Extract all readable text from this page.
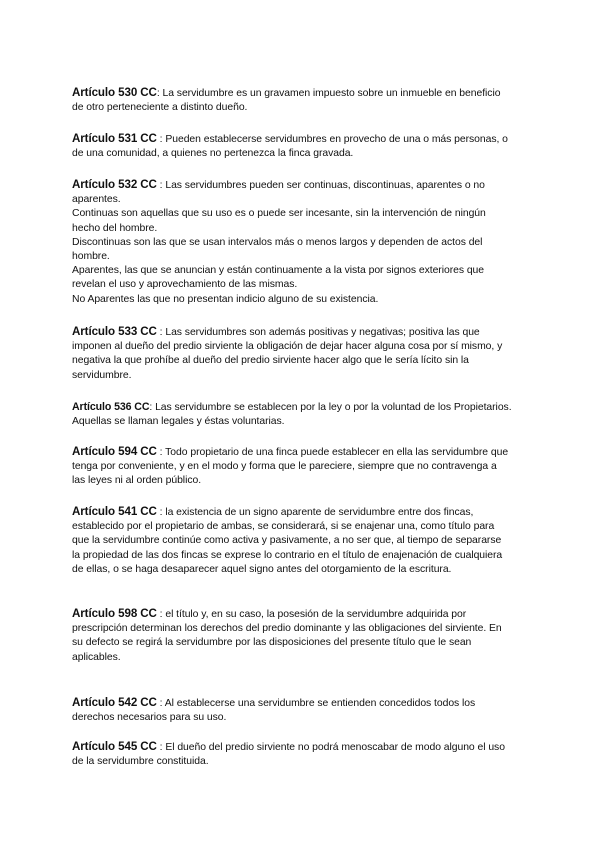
Artículo 530 CC: La servidumbre es un gravamen impuesto sobre un inmueble en beneficio de otro perteneciente a distinto dueño.

Artículo 531 CC : Pueden establecerse servidumbres en provecho de una o más personas, o de una comunidad, a quienes no pertenezca la finca gravada.

Artículo 532 CC : Las servidumbres pueden ser continuas, discontinuas, aparentes o no aparentes.

Continuas son aquellas que su uso es o puede ser incesante, sin la intervención de ningún hecho del hombre.

Discontinuas son las que se usan intervalos más o menos largos y dependen de actos del hombre.

Aparentes, las que se anuncian y están continuamente a la vista por signos exteriores que revelan el uso y aprovechamiento de las mismas.

No Aparentes las que no presentan indicio alguno de su existencia.

Artículo 533 CC : Las servidumbres son además positivas y negativas; positiva las que imponen al dueño del predio sirviente la obligación de dejar hacer alguna cosa por sí mismo, y negativa la que prohíbe al dueño del predio sirviente hacer algo que le sería lícito sin la servidumbre.

Artículo 536 CC: Las servidumbre se establecen por la ley o por la voluntad de los Propietarios. Aquellas se llaman legales y éstas voluntarias.

Artículo 594 CC : Todo propietario de una finca puede establecer en ella las servidumbre que tenga por conveniente, y en el modo y forma que le pareciere, siempre que no contravenga a las leyes ni al orden público.

Artículo 541 CC : la existencia de un signo aparente de servidumbre entre dos fincas, establecido por el propietario de ambas, se considerará, si se enajenar una, como título para que la servidumbre continúe como activa y pasivamente, a no ser que, al tiempo de separarse la propiedad de las dos fincas se exprese lo contrario en el título de enajenación de cualquiera de ellas, o se haga desaparecer aquel signo antes del otorgamiento de la escritura.

Artículo 598 CC : el título y, en su caso, la posesión de la servidumbre adquirida por prescripción determinan los derechos del predio dominante y las obligaciones del sirviente. En su defecto se regirá la servidumbre por las disposiciones del presente título que le sean aplicables.

Artículo 542 CC : Al establecerse una servidumbre se entienden concedidos todos los derechos necesarios para su uso.

Artículo 545 CC : El dueño del predio sirviente no podrá menoscabar de modo alguno el uso de la servidumbre constituida.
